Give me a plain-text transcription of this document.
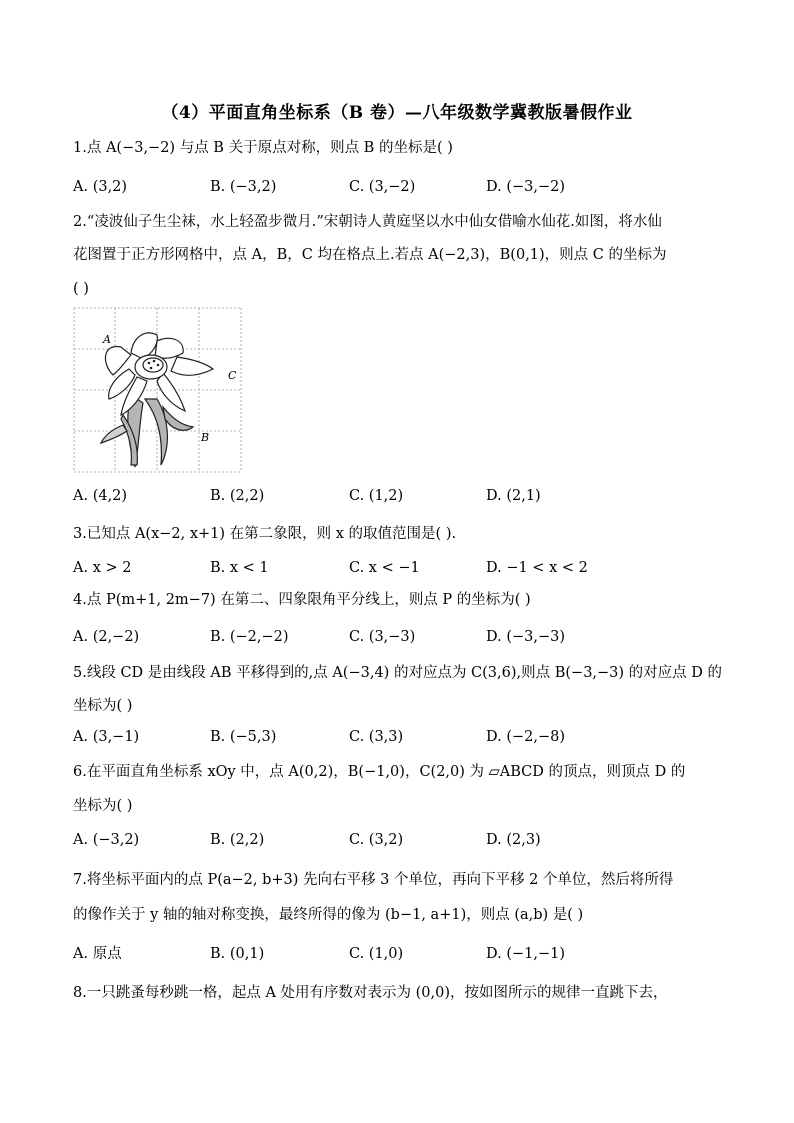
（4）平面直角坐标系（B 卷）—八年级数学冀教版暑假作业
1.点 A(−3,−2) 与点 B 关于原点对称，则点 B 的坐标是( )
A. (3,2)	B. (−3,2)	C. (3,−2)	D. (−3,−2)
2.“凌波仙子生尘袜，水上轻盈步微月.”宋朝诗人黄庭坚以水中仙女借喻水仙花.如图，将水仙
花图置于正方形网格中，点 A，B，C 均在格点上.若点 A(−2,3)，B(0,1)，则点 C 的坐标为
( )
A
C
B
A. (4,2)	B. (2,2)	C. (1,2)	D. (2,1)
3.已知点 A(x−2, x+1) 在第二象限，则 x 的取值范围是( ).
A. x > 2	B. x < 1	C. x < −1	D. −1 < x < 2
4.点 P(m+1, 2m−7) 在第二、四象限角平分线上，则点 P 的坐标为( )
A. (2,−2)	B. (−2,−2)	C. (3,−3)	D. (−3,−3)
5.线段 CD 是由线段 AB 平移得到的,点 A(−3,4) 的对应点为 C(3,6),则点 B(−3,−3) 的对应点 D 的
坐标为( )
A. (3,−1)	B. (−5,3)	C. (3,3)	D. (−2,−8)
6.在平面直角坐标系 xOy 中，点 A(0,2)，B(−1,0)，C(2,0) 为 ▱ABCD 的顶点，则顶点 D 的
坐标为( )
A. (−3,2)	B. (2,2)	C. (3,2)	D. (2,3)
7.将坐标平面内的点 P(a−2, b+3) 先向右平移 3 个单位，再向下平移 2 个单位，然后将所得
的像作关于 y 轴的轴对称变换，最终所得的像为 (b−1, a+1)，则点 (a,b) 是( )
A. 原点	B. (0,1)	C. (1,0)	D. (−1,−1)
8.一只跳蚤每秒跳一格，起点 A 处用有序数对表示为 (0,0)，按如图所示的规律一直跳下去，
